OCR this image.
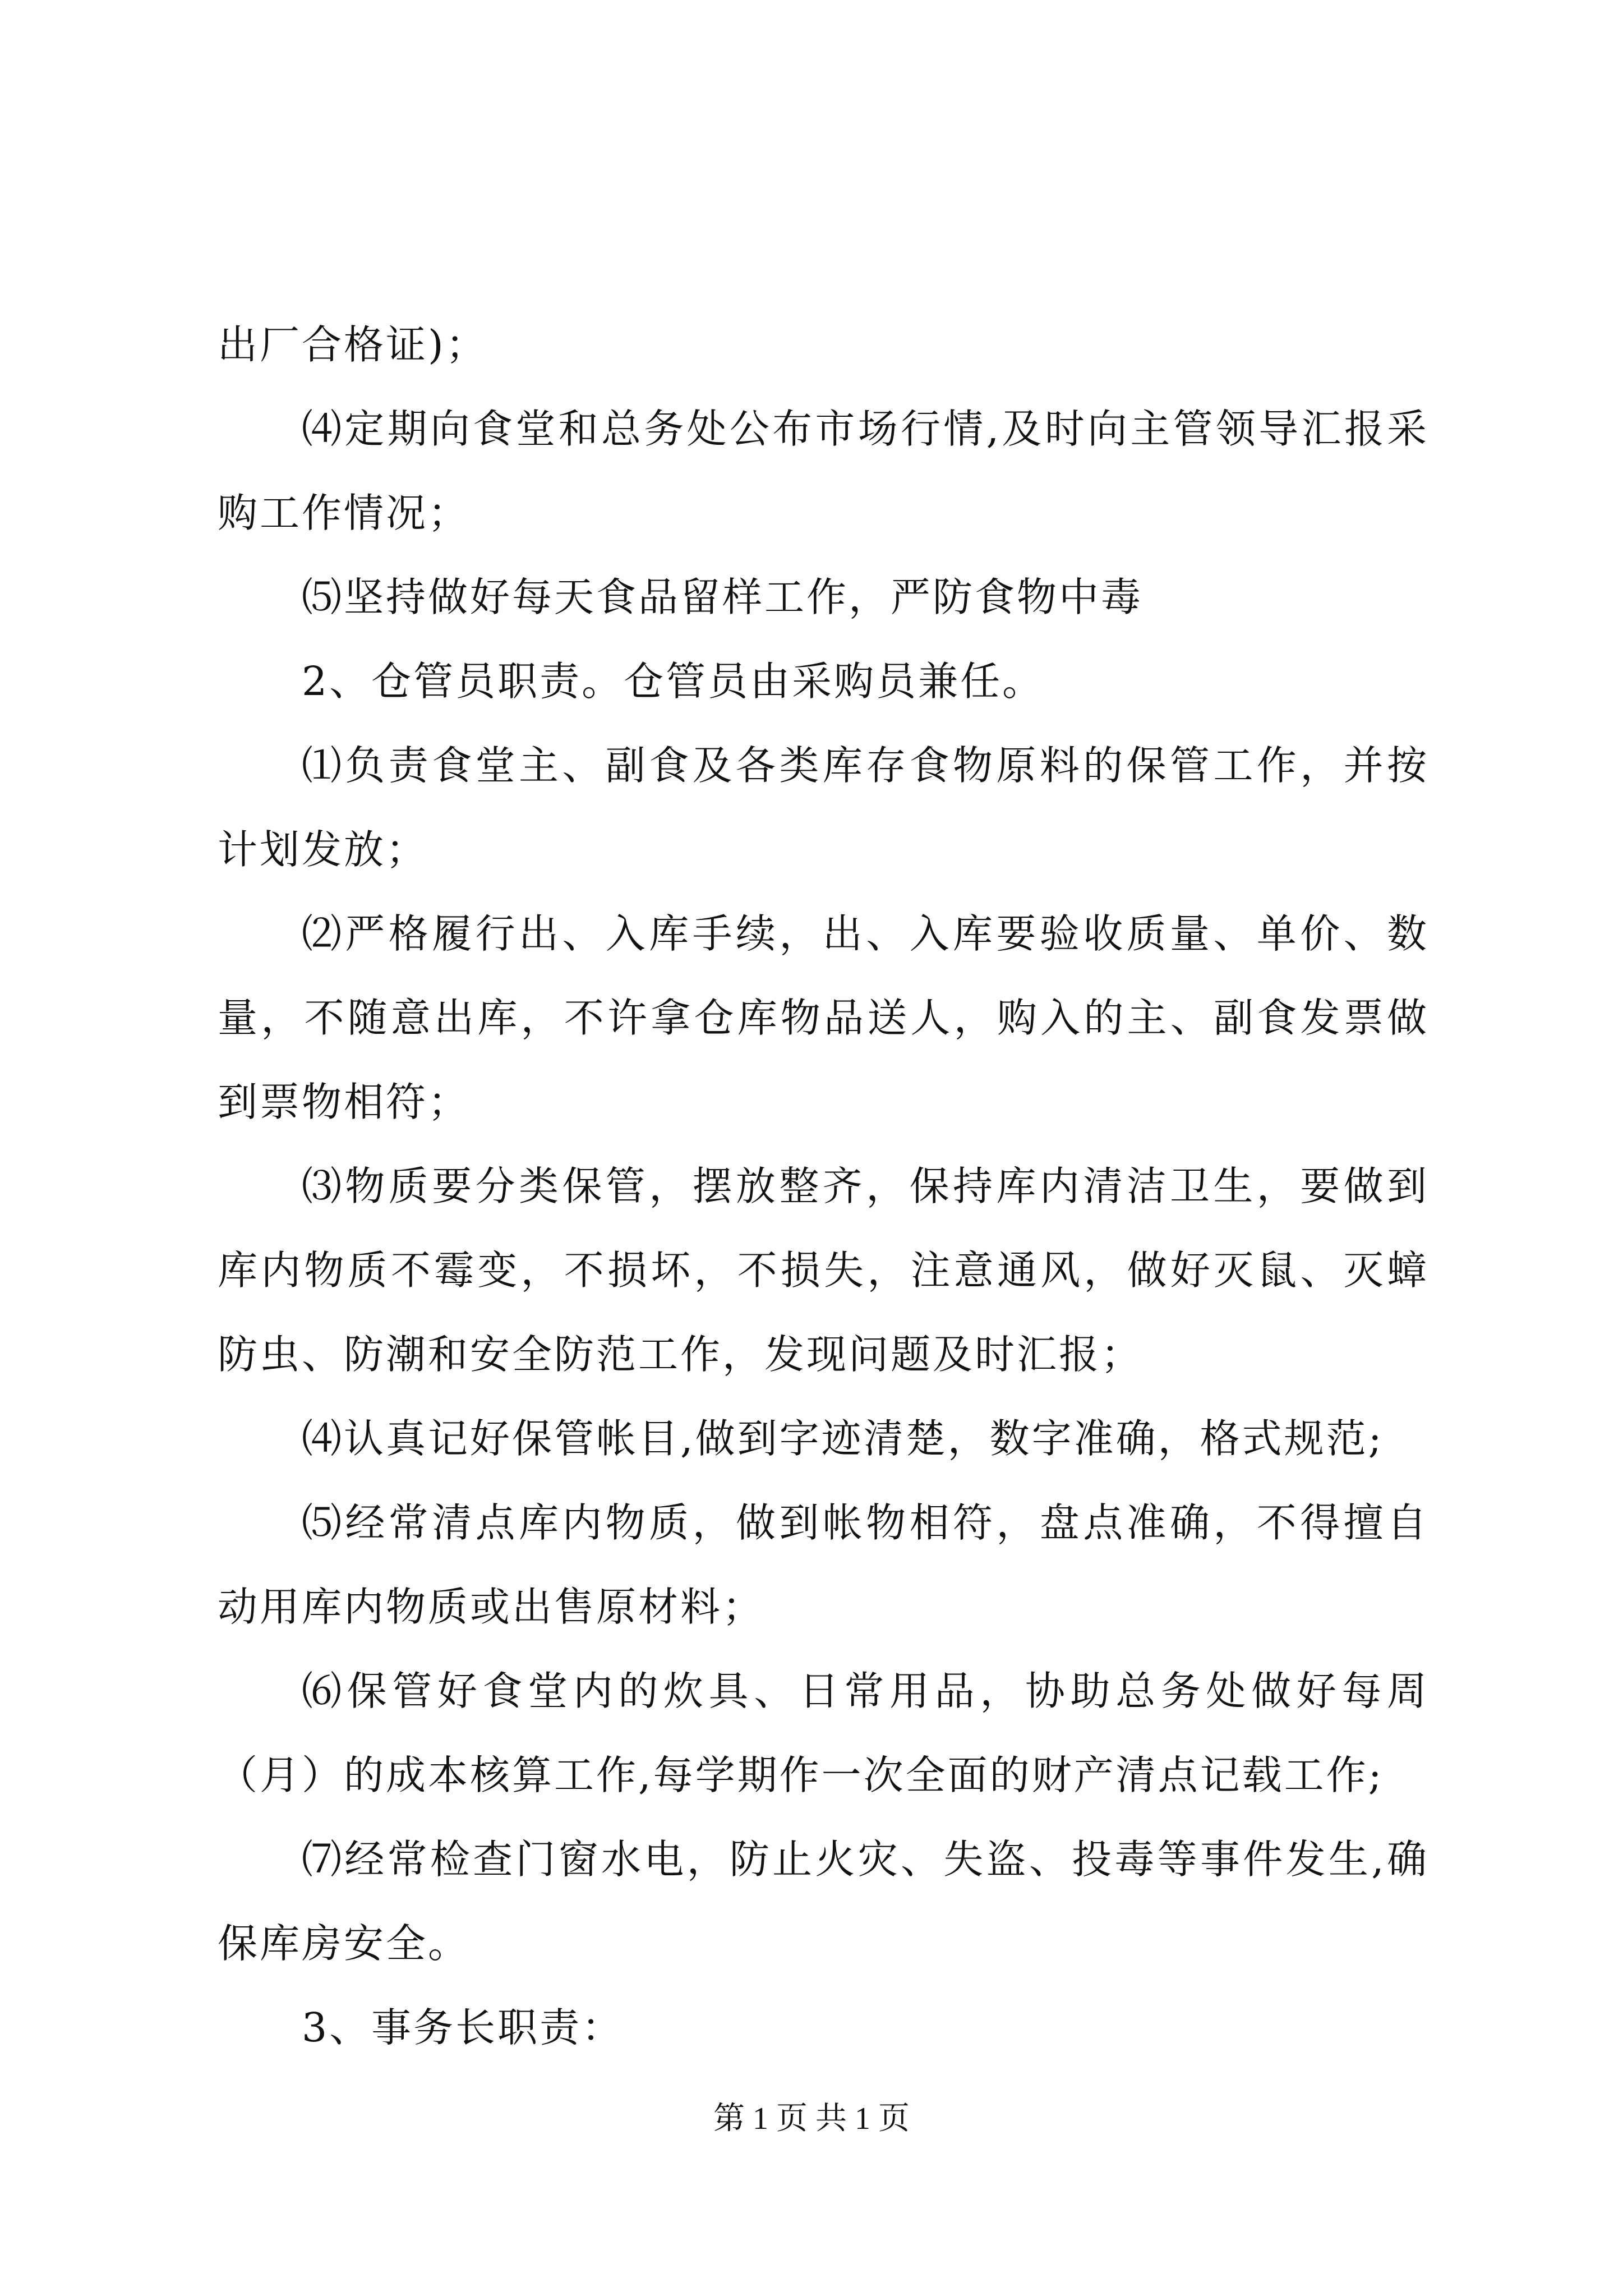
出厂合格证)；

⑷定期向食堂和总务处公布市场行情,及时向主管领导汇报采购工作情况；

⑸坚持做好每天食品留样工作，严防食物中毒

2、仓管员职责。仓管员由采购员兼任。

⑴负责食堂主、副食及各类库存食物原料的保管工作，并按计划发放；

⑵严格履行出、入库手续，出、入库要验收质量、单价、数量，不随意出库，不许拿仓库物品送人，购入的主、副食发票做到票物相符；

⑶物质要分类保管，摆放整齐，保持库内清洁卫生，要做到库内物质不霉变，不损坏，不损失，注意通风，做好灭鼠、灭蟑防虫、防潮和安全防范工作，发现问题及时汇报；

⑷认真记好保管帐目,做到字迹清楚，数字准确，格式规范;

⑸经常清点库内物质，做到帐物相符，盘点准确，不得擅自动用库内物质或出售原材料；

⑹保管好食堂内的炊具、日常用品，协助总务处做好每周（月）的成本核算工作,每学期作一次全面的财产清点记载工作;

⑺经常检查门窗水电，防止火灾、失盗、投毒等事件发生,确保库房安全。

3、事务长职责：

第 1 页 共 1 页
